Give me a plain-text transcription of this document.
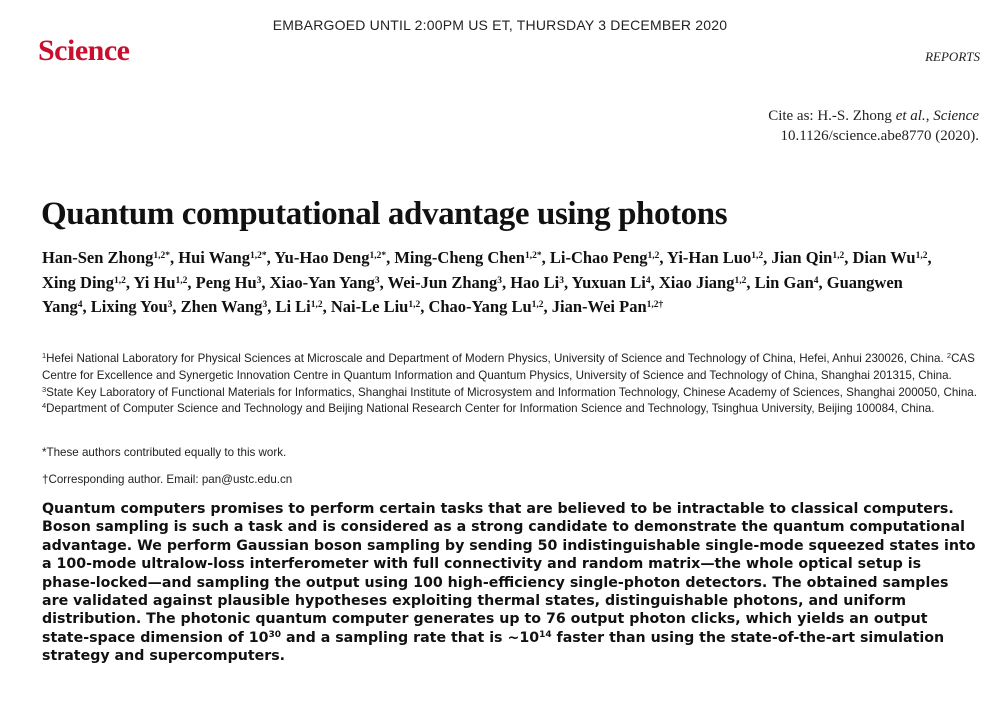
EMBARGOED UNTIL 2:00PM US ET, THURSDAY 3 DECEMBER 2020
Science	REPORTS
Cite as: H.-S. Zhong et al., Science
10.1126/science.abe8770 (2020).
Quantum computational advantage using photons
Han-Sen Zhong$^{1,2*}$, Hui Wang$^{1,2*}$, Yu-Hao Deng$^{1,2*}$, Ming-Cheng Chen$^{1,2*}$, Li-Chao Peng$^{1,2}$, Yi-Han Luo$^{1,2}$, Jian Qin$^{1,2}$, Dian Wu$^{1,2}$, Xing Ding$^{1,2}$, Yi Hu$^{1,2}$, Peng Hu$^3$, Xiao-Yan Yang$^3$, Wei-Jun Zhang$^3$, Hao Li$^3$, Yuxuan Li$^4$, Xiao Jiang$^{1,2}$, Lin Gan$^4$, Guangwen Yang$^4$, Lixing You$^3$, Zhen Wang$^3$, Li Li$^{1,2}$, Nai-Le Liu$^{1,2}$, Chao-Yang Lu$^{1,2}$, Jian-Wei Pan$^{1,2\dagger}$
$^1$Hefei National Laboratory for Physical Sciences at Microscale and Department of Modern Physics, University of Science and Technology of China, Hefei, Anhui 230026, China. $^2$CAS Centre for Excellence and Synergetic Innovation Centre in Quantum Information and Quantum Physics, University of Science and Technology of China, Shanghai 201315, China. $^3$State Key Laboratory of Functional Materials for Informatics, Shanghai Institute of Microsystem and Information Technology, Chinese Academy of Sciences, Shanghai 200050, China. $^4$Department of Computer Science and Technology and Beijing National Research Center for Information Science and Technology, Tsinghua University, Beijing 100084, China.
*These authors contributed equally to this work.
†Corresponding author. Email: pan@ustc.edu.cn

Quantum computers promises to perform certain tasks that are believed to be intractable to classical computers. Boson sampling is such a task and is considered as a strong candidate to demonstrate the quantum computational advantage. We perform Gaussian boson sampling by sending 50 indistinguishable single-mode squeezed states into a 100-mode ultralow-loss interferometer with full connectivity and random matrix—the whole optical setup is phase-locked—and sampling the output using 100 high-efficiency single-photon detectors. The obtained samples are validated against plausible hypotheses exploiting thermal states, distinguishable photons, and uniform distribution. The photonic quantum computer generates up to 76 output photon clicks, which yields an output state-space dimension of $10^{30}$ and a sampling rate that is $\sim 10^{14}$ faster than using the state-of-the-art simulation strategy and supercomputers.
